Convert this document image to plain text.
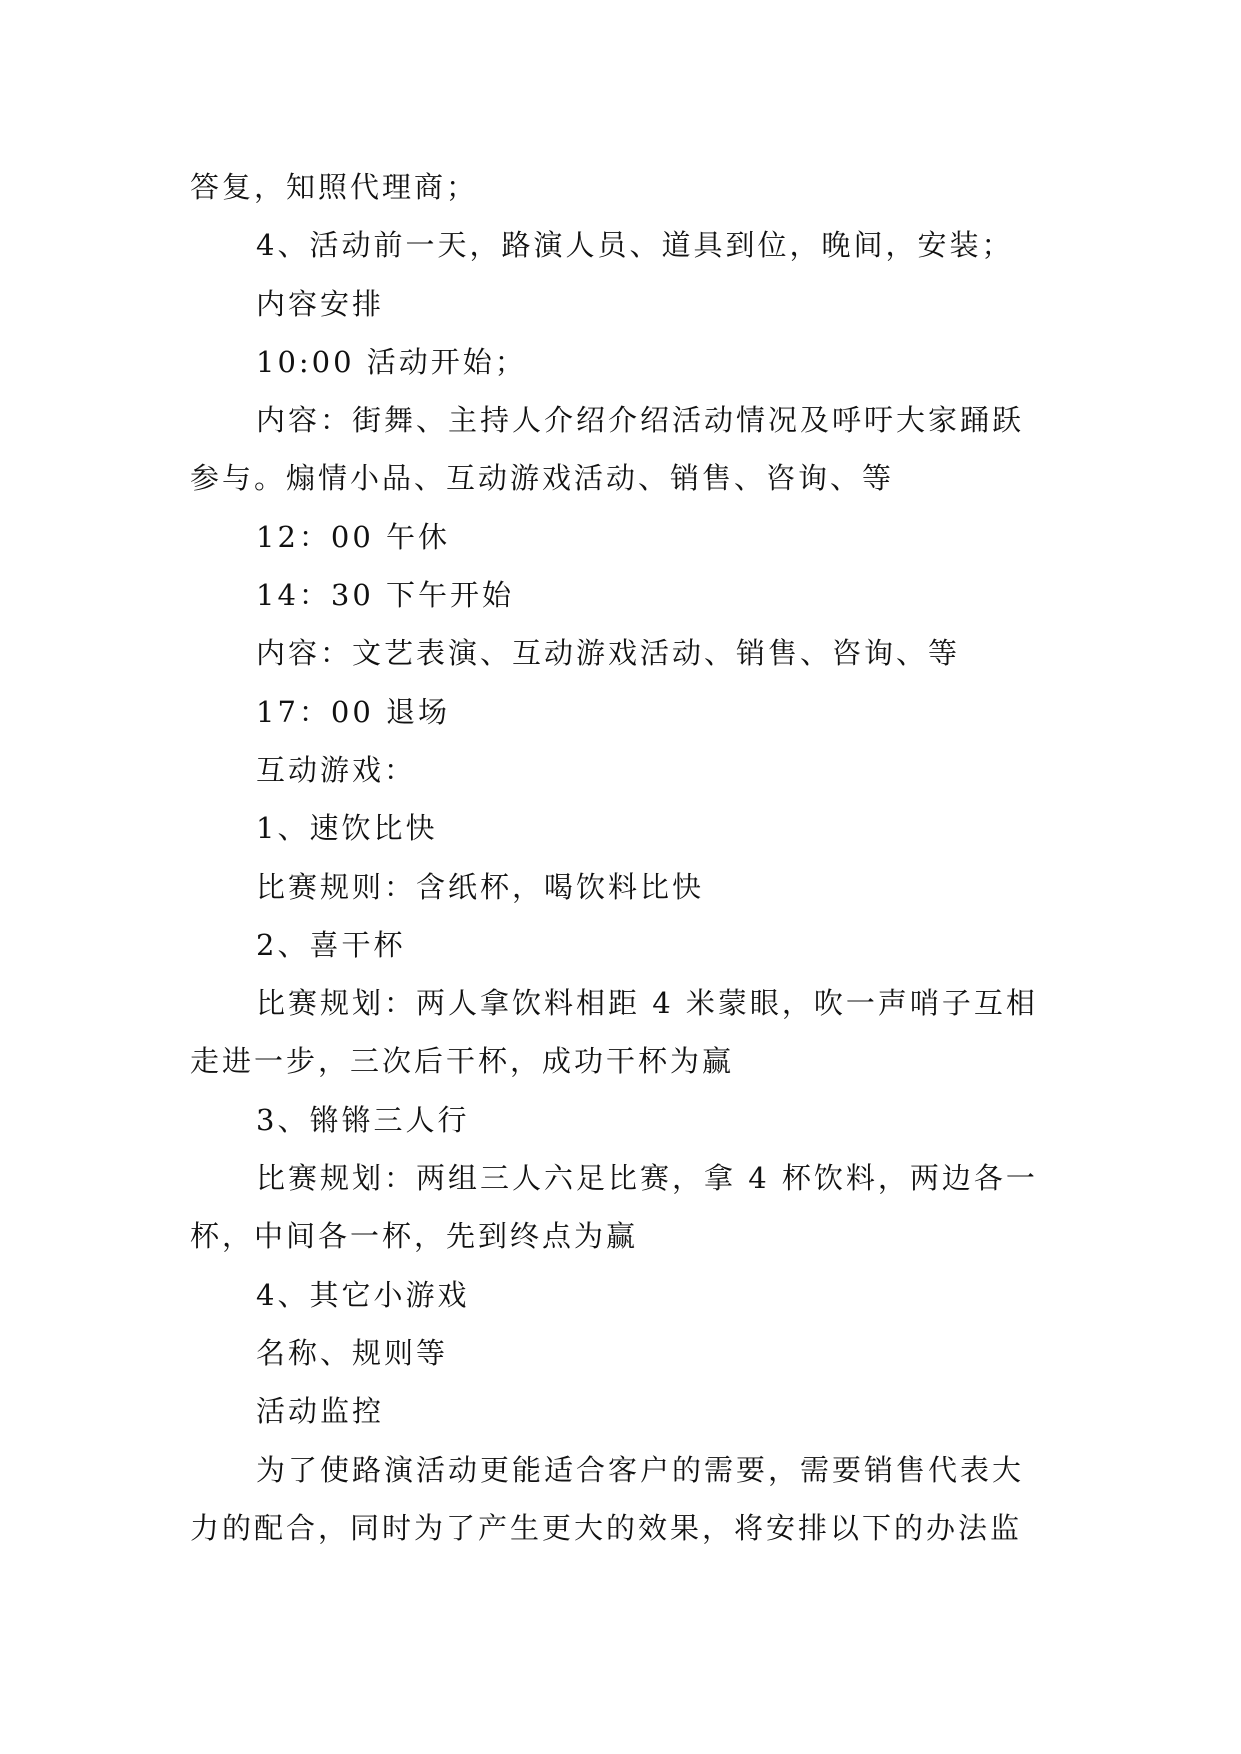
答复，知照代理商；
4、活动前一天，路演人员、道具到位，晚间，安装；
内容安排
10:00 活动开始；
内容：街舞、主持人介绍介绍活动情况及呼吁大家踊跃
参与。煽情小品、互动游戏活动、销售、咨询、等
12：00 午休
14：30 下午开始
内容：文艺表演、互动游戏活动、销售、咨询、等
17：00 退场
互动游戏：
1、速饮比快
比赛规则：含纸杯，喝饮料比快
2、喜干杯
比赛规划：两人拿饮料相距 4 米蒙眼，吹一声哨子互相
走进一步，三次后干杯，成功干杯为赢
3、锵锵三人行
比赛规划：两组三人六足比赛，拿 4 杯饮料，两边各一
杯，中间各一杯，先到终点为赢
4、其它小游戏
名称、规则等
活动监控
为了使路演活动更能适合客户的需要，需要销售代表大
力的配合，同时为了产生更大的效果，将安排以下的办法监
